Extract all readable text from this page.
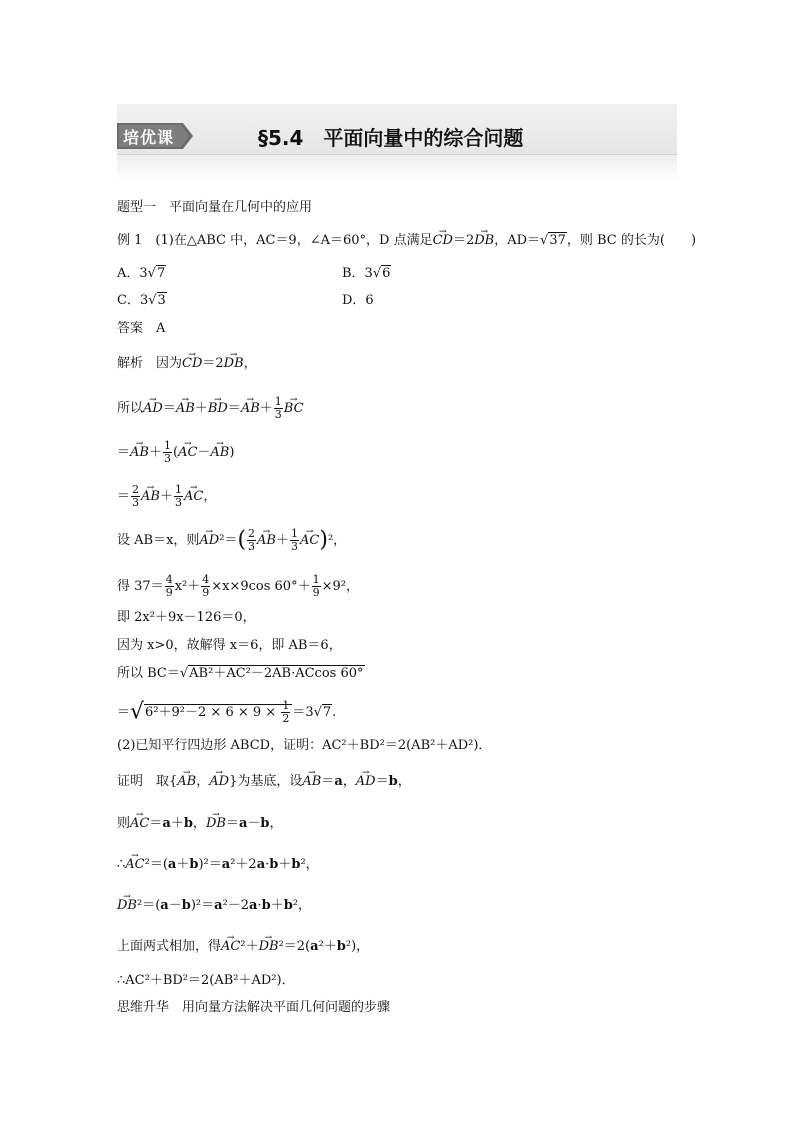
培优课	§5.4　平面向量中的综合问题
题型一　平面向量在几何中的应用
例 1　(1)在△ABC 中，AC＝9，∠A＝60°，D 点满足→ CD＝2→ DB，AD＝√37，则 BC 的长为(　　)
A．3√7	B．3√6
C．3√3	D．6
答案　A
解析　因为→ CD＝2→ DB，
所以→ $AD=\to AB+\to BD=\to AB+ \frac{1}{3}$
→ BC
＝→ $AB+ \frac{1}{3}$ (→ AC－→ AB)
＝ $\frac{2}{3}$
→ $AB+ \frac{1}{3}$
→ AC，
设 AB＝x，则→ $AD^2=( \frac{2}{3}$
→ $AB+ \frac{1}{3}$
→ AC)²，
得 $37= \frac{4}{9} x^2+ \frac{4}{9} \times x\times 9\cos$ $60^\circ+ \frac{1}{9} \times 9^2$，
即 2x²＋9x－126＝0，
因为 x>0，故解得 x＝6，即 AB＝6，
所以 BC＝√AB²＋AC²－2AB·ACcos 60°
$=√6^2+9^2-2 \times 6 \times 9 \times \frac{1}{2} =3√7$.
(2)已知平行四边形 ABCD，证明：AC²＋BD²＝2(AB²＋AD²)．
证明　取{→ AB，→ AD}为基底，设→ AB＝a，→ AD＝b，
则→ AC＝a＋b，→ DB＝a－b，
∴→ AC²＝(a＋b)²＝a²＋2a·b＋b²，
→ DB²＝(a－b)²＝a²－2a·b＋b²，
上面两式相加，得→ AC²＋→ DB²＝2(a²＋b²)，
∴AC²＋BD²＝2(AB²＋AD²)．
思维升华　用向量方法解决平面几何问题的步骤
